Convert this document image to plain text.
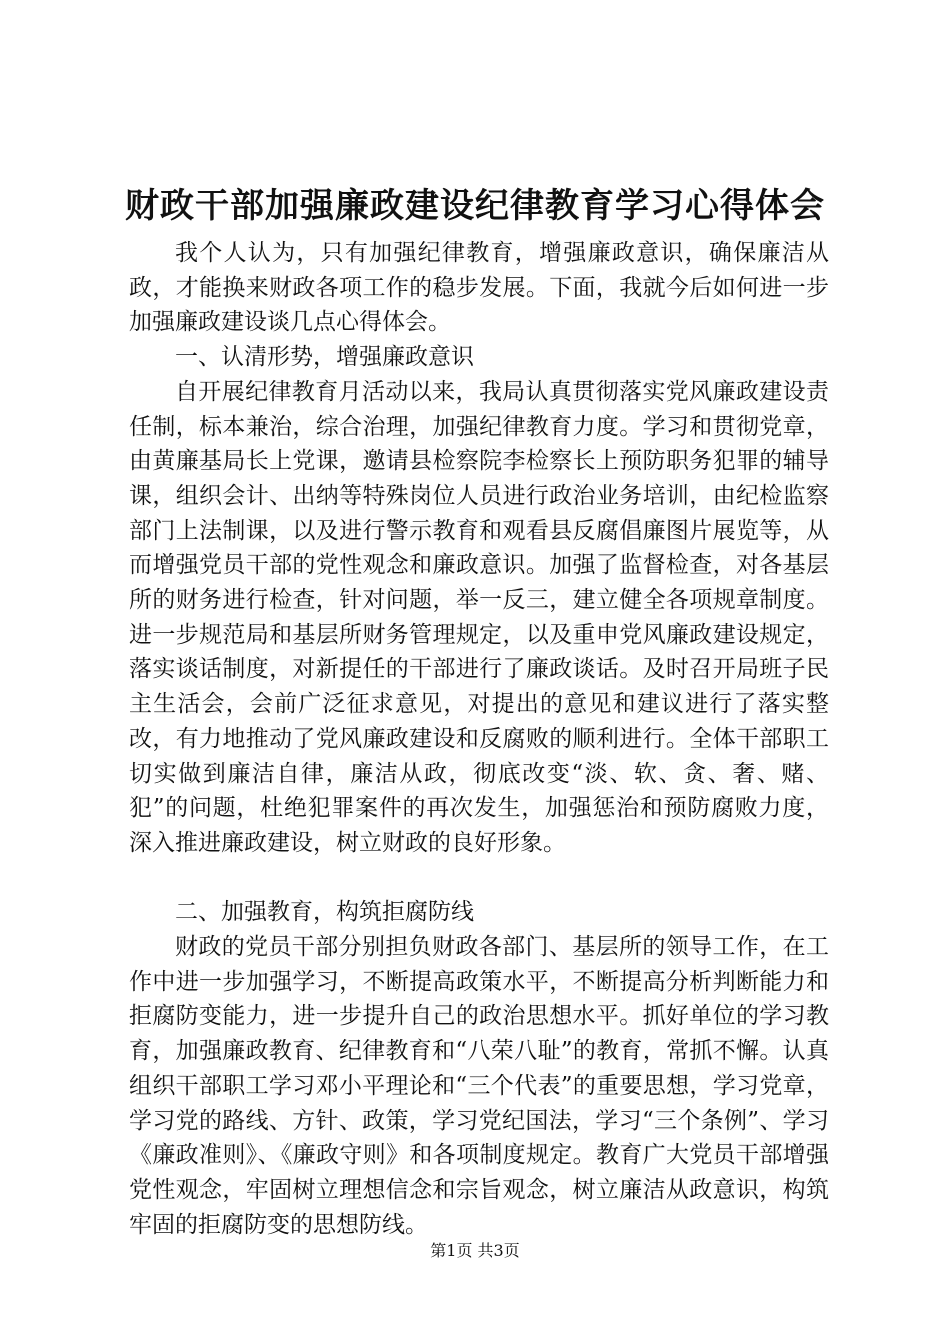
财政干部加强廉政建设纪律教育学习心得体会

我个人认为，只有加强纪律教育，增强廉政意识，确保廉洁从政，才能换来财政各项工作的稳步发展。下面，我就今后如何进一步加强廉政建设谈几点心得体会。

一、认清形势，增强廉政意识

自开展纪律教育月活动以来，我局认真贯彻落实党风廉政建设责任制，标本兼治，综合治理，加强纪律教育力度。学习和贯彻党章，由黄廉基局长上党课，邀请县检察院李检察长上预防职务犯罪的辅导课，组织会计、出纳等特殊岗位人员进行政治业务培训，由纪检监察部门上法制课，以及进行警示教育和观看县反腐倡廉图片展览等，从而增强党员干部的党性观念和廉政意识。加强了监督检查，对各基层所的财务进行检查，针对问题，举一反三，建立健全各项规章制度。进一步规范局和基层所财务管理规定，以及重申党风廉政建设规定，落实谈话制度，对新提任的干部进行了廉政谈话。及时召开局班子民主生活会，会前广泛征求意见，对提出的意见和建议进行了落实整改，有力地推动了党风廉政建设和反腐败的顺利进行。全体干部职工切实做到廉洁自律，廉洁从政，彻底改变“淡、软、贪、奢、赌、犯”的问题，杜绝犯罪案件的再次发生，加强惩治和预防腐败力度，深入推进廉政建设，树立财政的良好形象。

二、加强教育，构筑拒腐防线

财政的党员干部分别担负财政各部门、基层所的领导工作，在工作中进一步加强学习，不断提高政策水平，不断提高分析判断能力和拒腐防变能力，进一步提升自己的政治思想水平。抓好单位的学习教育，加强廉政教育、纪律教育和“八荣八耻”的教育，常抓不懈。认真组织干部职工学习邓小平理论和“三个代表”的重要思想，学习党章，学习党的路线、方针、政策，学习党纪国法，学习“三个条例”、学习《廉政准则》、《廉政守则》和各项制度规定。教育广大党员干部增强党性观念，牢固树立理想信念和宗旨观念，树立廉洁从政意识，构筑牢固的拒腐防变的思想防线。

第1页 共3页
